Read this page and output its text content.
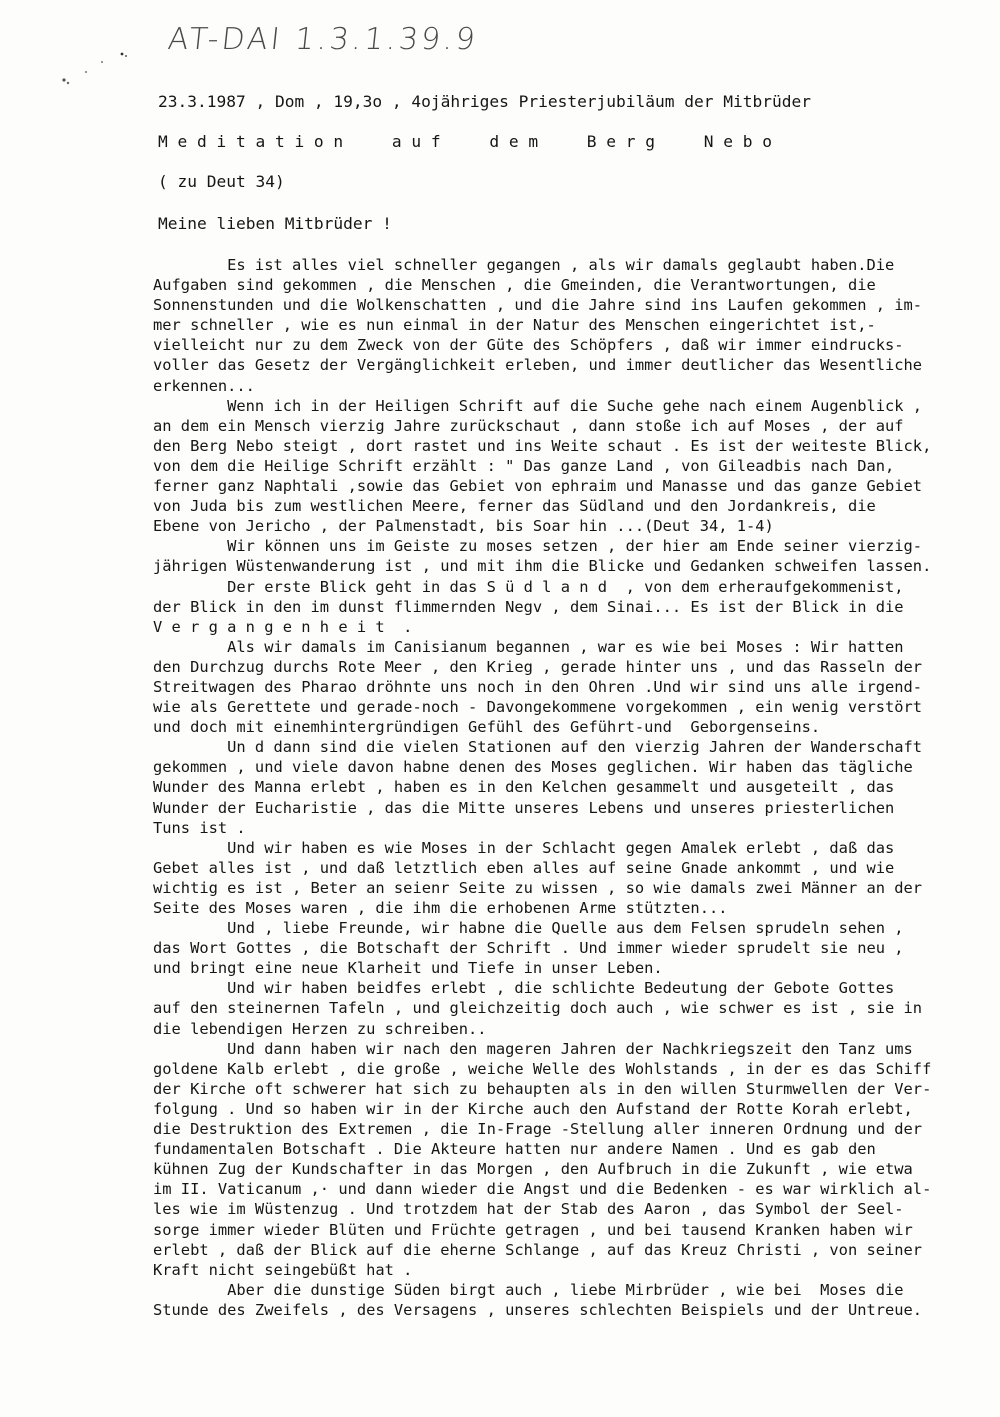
AT-DAI 1.3.1.39.9
23.3.1987 , Dom , 19,3o , 4ojähriges Priesterjubiläum der Mitbrüder
M e d i t a t i o n     a u f     d e m     B e r g     N e b o
( zu Deut 34)
Meine lieben Mitbrüder !

Es ist alles viel schneller gegangen , als wir damals geglaubt haben.Die

Aufgaben sind gekommen , die Menschen , die Gmeinden, die Verantwortungen, die

Sonnenstunden und die Wolkenschatten , und die Jahre sind ins Laufen gekommen , im-

mer schneller , wie es nun einmal in der Natur des Menschen eingerichtet ist,-

vielleicht nur zu dem Zweck von der Güte des Schöpfers , daß wir immer eindrucks-

voller das Gesetz der Vergänglichkeit erleben, und immer deutlicher das Wesentliche

erkennen...

Wenn ich in der Heiligen Schrift auf die Suche gehe nach einem Augenblick ,

an dem ein Mensch vierzig Jahre zurückschaut , dann stoße ich auf Moses , der auf

den Berg Nebo steigt , dort rastet und ins Weite schaut . Es ist der weiteste Blick,

von dem die Heilige Schrift erzählt : " Das ganze Land , von Gileadbis nach Dan,

ferner ganz Naphtali ,sowie das Gebiet von ephraim und Manasse und das ganze Gebiet

von Juda bis zum westlichen Meere, ferner das Südland und den Jordankreis, die

Ebene von Jericho , der Palmenstadt, bis Soar hin ...(Deut 34, 1-4)

Wir können uns im Geiste zu moses setzen , der hier am Ende seiner vierzig-

jährigen Wüstenwanderung ist , und mit ihm die Blicke und Gedanken schweifen lassen.

Der erste Blick geht in das S ü d l a n d  , von dem erheraufgekommenist,

der Blick in den im dunst flimmernden Negv , dem Sinai... Es ist der Blick in die

V e r g a n g e n h e i t  .

Als wir damals im Canisianum begannen , war es wie bei Moses : Wir hatten

den Durchzug durchs Rote Meer , den Krieg , gerade hinter uns , und das Rasseln der

Streitwagen des Pharao dröhnte uns noch in den Ohren .Und wir sind uns alle irgend-

wie als Gerettete und gerade-noch - Davongekommene vorgekommen , ein wenig verstört

und doch mit einemhintergründigen Gefühl des Geführt-und  Geborgenseins.

Un d dann sind die vielen Stationen auf den vierzig Jahren der Wanderschaft

gekommen , und viele davon habne denen des Moses geglichen. Wir haben das tägliche

Wunder des Manna erlebt , haben es in den Kelchen gesammelt und ausgeteilt , das

Wunder der Eucharistie , das die Mitte unseres Lebens und unseres priesterlichen

Tuns ist .

Und wir haben es wie Moses in der Schlacht gegen Amalek erlebt , daß das

Gebet alles ist , und daß letztlich eben alles auf seine Gnade ankommt , und wie

wichtig es ist , Beter an seienr Seite zu wissen , so wie damals zwei Männer an der

Seite des Moses waren , die ihm die erhobenen Arme stützten...

Und , liebe Freunde, wir habne die Quelle aus dem Felsen sprudeln sehen ,

das Wort Gottes , die Botschaft der Schrift . Und immer wieder sprudelt sie neu ,

und bringt eine neue Klarheit und Tiefe in unser Leben.

Und wir haben beidfes erlebt , die schlichte Bedeutung der Gebote Gottes

auf den steinernen Tafeln , und gleichzeitig doch auch , wie schwer es ist , sie in

die lebendigen Herzen zu schreiben..

Und dann haben wir nach den mageren Jahren der Nachkriegszeit den Tanz ums

goldene Kalb erlebt , die große , weiche Welle des Wohlstands , in der es das Schiff

der Kirche oft schwerer hat sich zu behaupten als in den willen Sturmwellen der Ver-

folgung . Und so haben wir in der Kirche auch den Aufstand der Rotte Korah erlebt,

die Destruktion des Extremen , die In-Frage -Stellung aller inneren Ordnung und der

fundamentalen Botschaft . Die Akteure hatten nur andere Namen . Und es gab den

kühnen Zug der Kundschafter in das Morgen , den Aufbruch in die Zukunft , wie etwa

im II. Vaticanum ,· und dann wieder die Angst und die Bedenken - es war wirklich al-

les wie im Wüstenzug . Und trotzdem hat der Stab des Aaron , das Symbol der Seel-

sorge immer wieder Blüten und Früchte getragen , und bei tausend Kranken haben wir

erlebt , daß der Blick auf die eherne Schlange , auf das Kreuz Christi , von seiner

Kraft nicht seingebüßt hat .

Aber die dunstige Süden birgt auch , liebe Mirbrüder , wie bei  Moses die

Stunde des Zweifels , des Versagens , unseres schlechten Beispiels und der Untreue.
